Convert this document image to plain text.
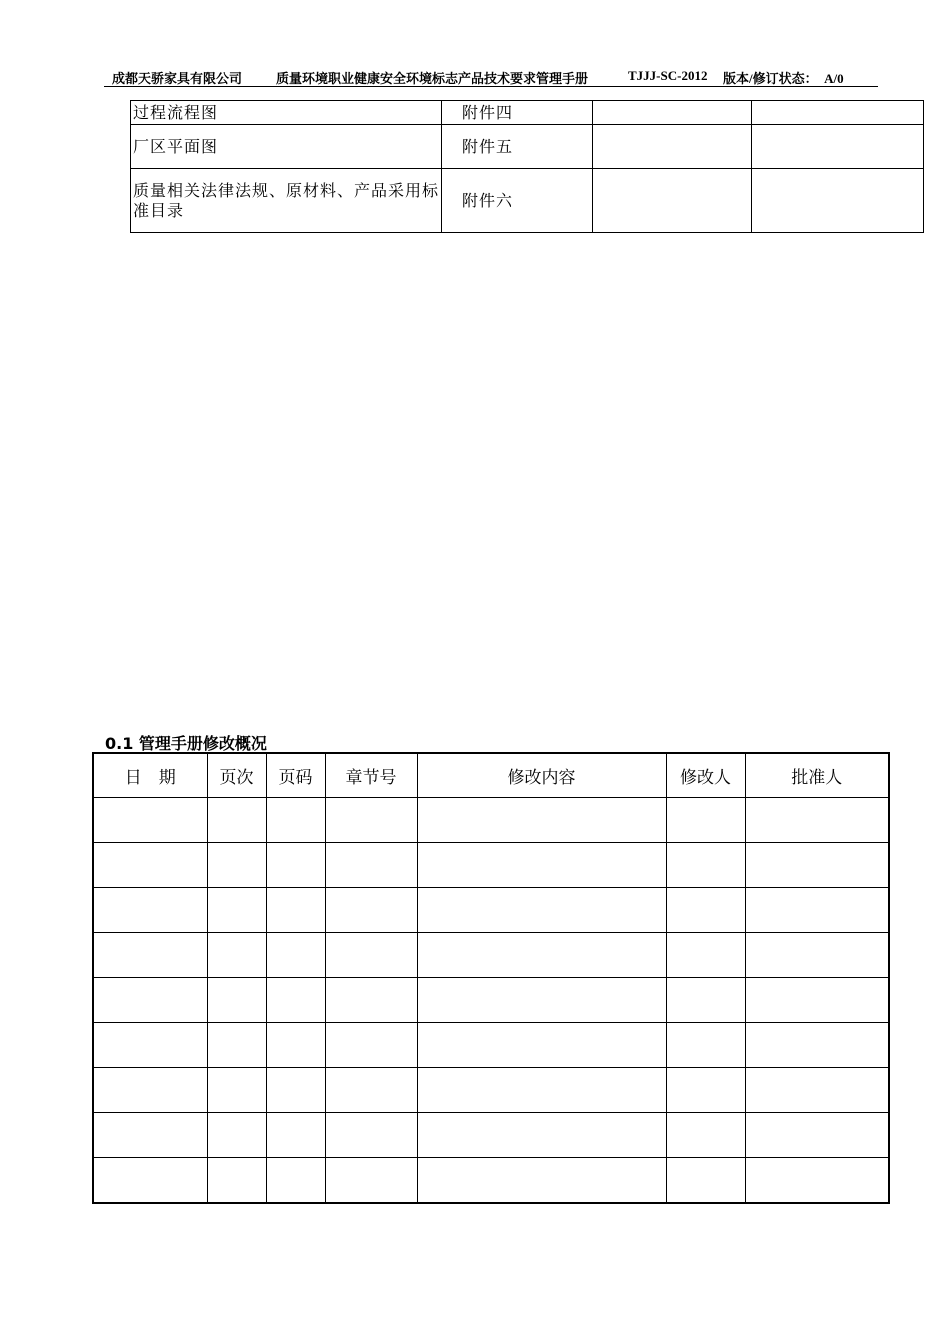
成都天骄家具有限公司	质量环境职业健康安全环境标志产品技术要求管理手册	TJJJ-SC-2012 版本/修订状态：　A/0
过程流程图	附件四		
厂区平面图	附件五		
质量相关法律法规、原材料、产品采用标准目录	附件六		
0.1 管理手册修改概况
日　期	页次	页码	章节号	修改内容	修改人	批准人
